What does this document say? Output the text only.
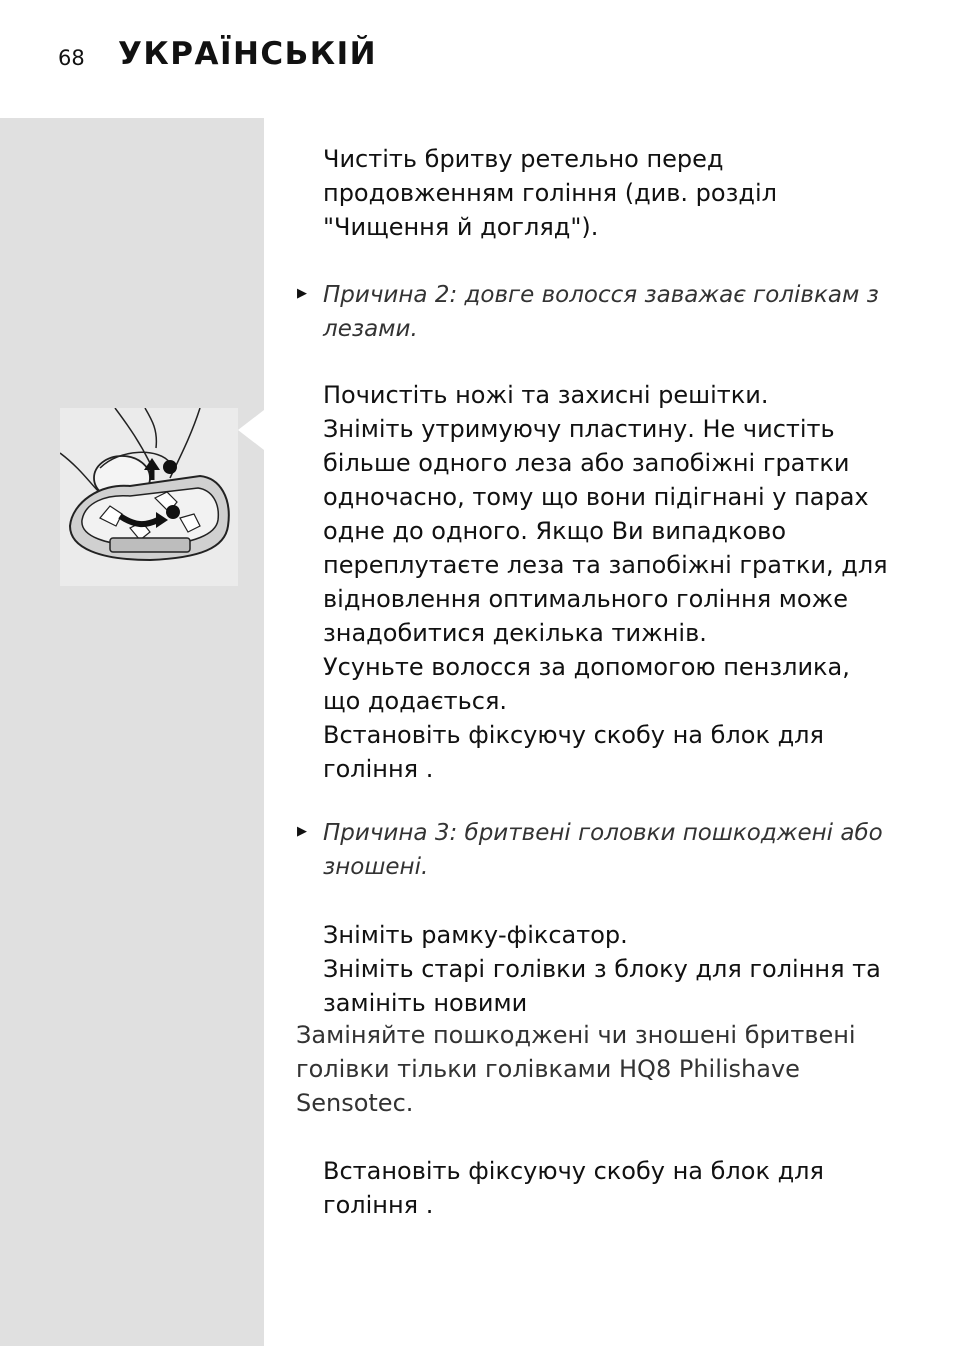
68 УКРАЇНСЬКІЙ

Чистіть бритву ретельно перед
продовженням гоління (див. розділ
"Чищення й догляд").

▶ Причина 2: довге волосся заважає голівкам з
лезами.

Почистіть ножі та захисні решітки.
Зніміть утримуючу пластину. Не чистіть
більше одного леза або запобіжні гратки
одночасно, тому що вони підігнані у парах
одне до одного. Якщо Ви випадково
переплутаєте леза та запобіжні гратки, для
відновлення оптимального гоління може
знадобитися декілька тижнів.
Усуньте волосся за допомогою пензлика,
що додається.
Встановіть фіксуючу скобу на блок для
гоління .

▶ Причина 3: бритвені головки пошкоджені або
зношені.

Зніміть рамку-фіксатор.
Зніміть старі голівки з блоку для гоління та
замініть новими

Заміняйте пошкоджені чи зношені бритвені
голівки тільки голівками HQ8 Philishave
Sensotec.

Встановіть фіксуючу скобу на блок для
гоління .
